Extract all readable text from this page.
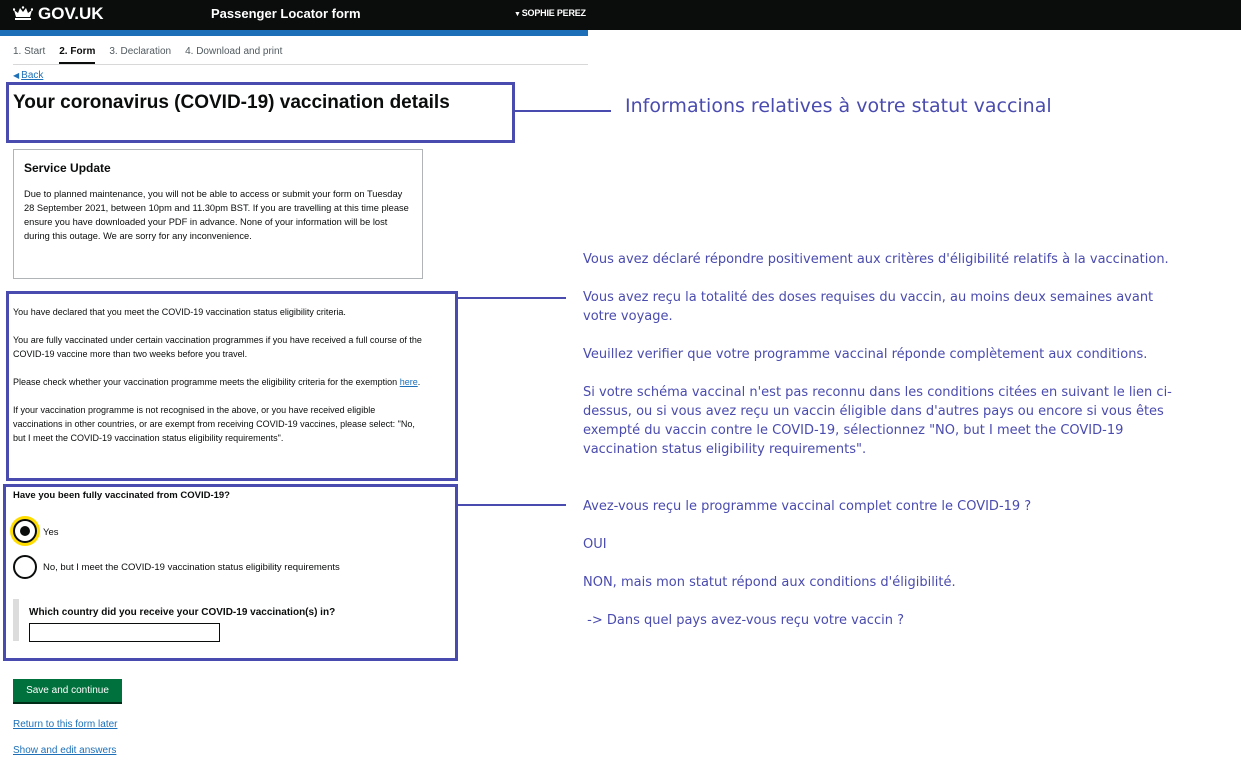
GOV.UK	Passenger Locator form	▼SOPHIE PEREZ
1. Start 2. Form 3. Declaration 4. Download and print
◀ Back
Your coronavirus (COVID-19) vaccination details	Informations relatives à votre statut vaccinal
Service Update
Due to planned maintenance, you will not be able to access or submit your form on Tuesday 28 September 2021, between 10pm and 11.30pm BST. If you are travelling at this time please ensure you have downloaded your PDF in advance. None of your information will be lost during this outage. We are sorry for any inconvenience.

You have declared that you meet the COVID-19 vaccination status eligibility criteria.

You are fully vaccinated under certain vaccination programmes if you have received a full course of the COVID-19 vaccine more than two weeks before you travel.

Please check whether your vaccination programme meets the eligibility criteria for the exemption here.

If your vaccination programme is not recognised in the above, or you have received eligible vaccinations in other countries, or are exempt from receiving COVID-19 vaccines, please select: "No, but I meet the COVID-19 vaccination status eligibility requirements".

Vous avez déclaré répondre positivement aux critères d'éligibilité relatifs à la vaccination.
Vous avez reçu la totalité des doses requises du vaccin, au moins deux semaines avant votre voyage.
Veuillez verifier que votre programme vaccinal réponde complètement aux conditions.
Si votre schéma vaccinal n'est pas reconnu dans les conditions citées en suivant le lien ci-dessus, ou si vous avez reçu un vaccin éligible dans d'autres pays ou encore si vous êtes exempté du vaccin contre le COVID-19, sélectionnez "NO, but I meet the COVID-19 vaccination status eligibility requirements".
Have you been fully vaccinated from COVID-19?
Yes
No, but I meet the COVID-19 vaccination status eligibility requirements
Which country did you receive your COVID-19 vaccination(s) in?
Avez-vous reçu le programme vaccinal complet contre le COVID-19 ?
OUI
NON, mais mon statut répond aux conditions d'éligibilité.
-> Dans quel pays avez-vous reçu votre vaccin ?
Save and continue
Return to this form later
Show and edit answers
